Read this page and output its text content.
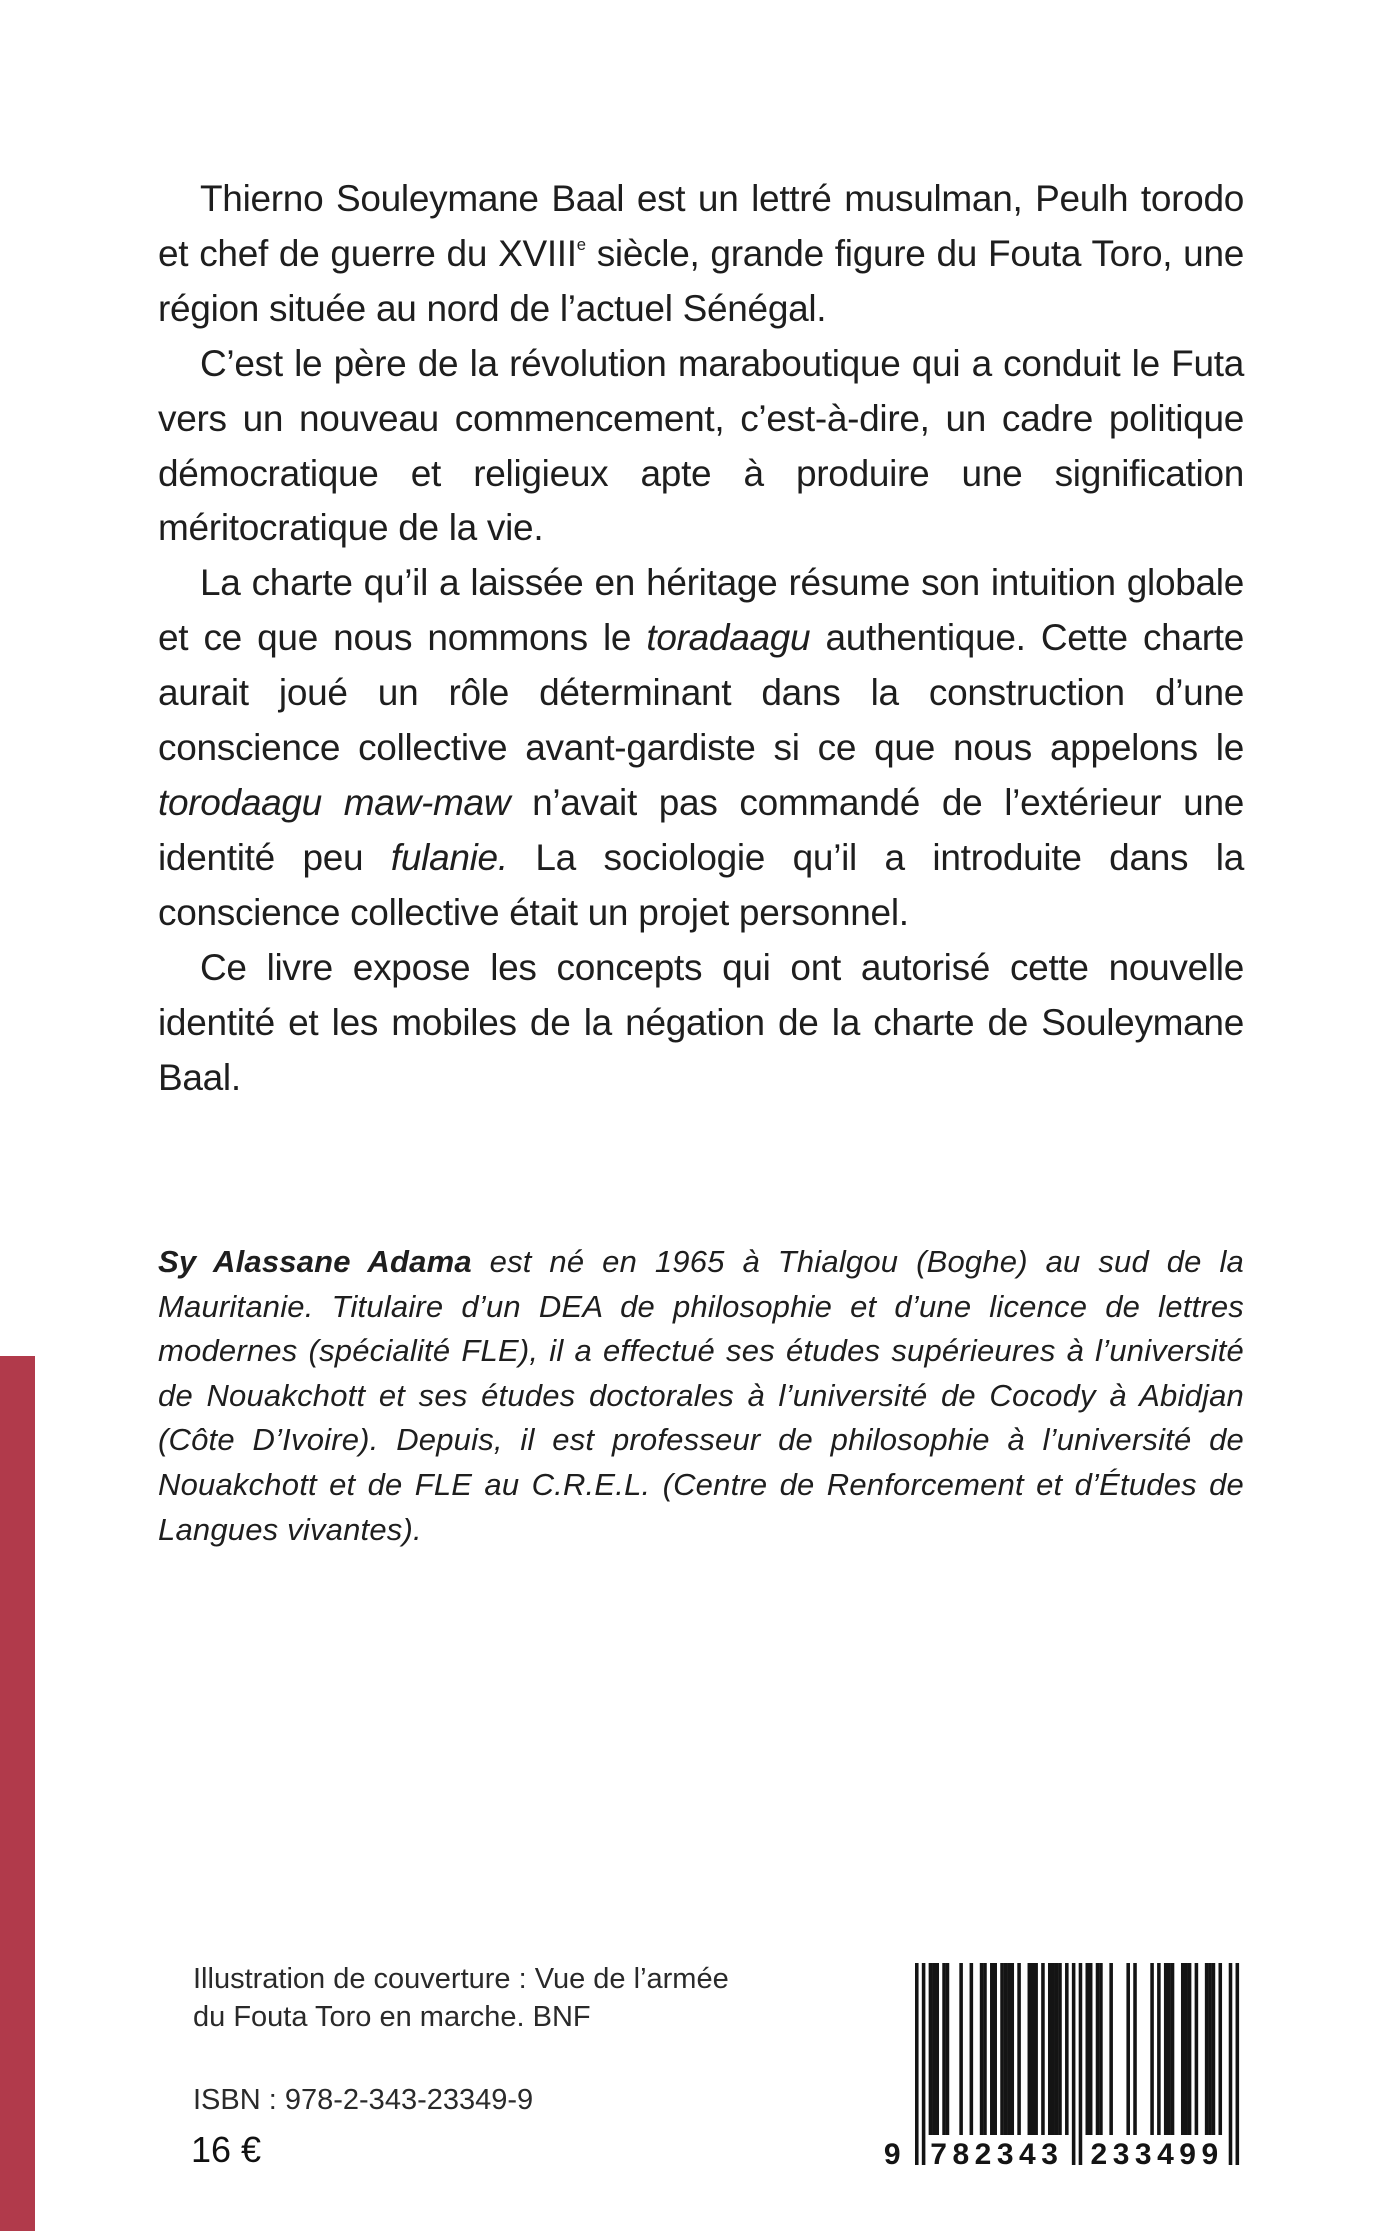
Thierno Souleymane Baal est un lettré musulman, Peulh torodo et chef de guerre du XVIIIe siècle, grande figure du Fouta Toro, une région située au nord de l’actuel Sénégal.

C’est le père de la révolution maraboutique qui a conduit le Futa vers un nouveau commencement, c’est-à-dire, un cadre politique démocratique et religieux apte à produire une signification méritocratique de la vie.

La charte qu’il a laissée en héritage résume son intuition globale et ce que nous nommons le toradaagu authentique. Cette charte aurait joué un rôle déterminant dans la construction d’une conscience collective avant-gardiste si ce que nous appelons le torodaagu maw-maw n’avait pas commandé de l’extérieur une identité peu fulanie. La sociologie qu’il a introduite dans la conscience collective était un projet personnel.

Ce livre expose les concepts qui ont autorisé cette nouvelle identité et les mobiles de la négation de la charte de Souleymane Baal.

Sy Alassane Adama est né en 1965 à Thialgou (Boghe) au sud de la Mauritanie. Titulaire d’un DEA de philosophie et d’une licence de lettres modernes (spécialité FLE), il a effectué ses études supérieures à l’université de Nouakchott et ses études doctorales à l’université de Cocody à Abidjan (Côte D’Ivoire). Depuis, il est professeur de philosophie à l’université de Nouakchott et de FLE au C.R.E.L. (Centre de Renforcement et d’Études de Langues vivantes).

Illustration de couverture : Vue de l’armée
du Fouta Toro en marche. BNF
ISBN : 978-2-343-23349-9
16 €	9 782343 233499
